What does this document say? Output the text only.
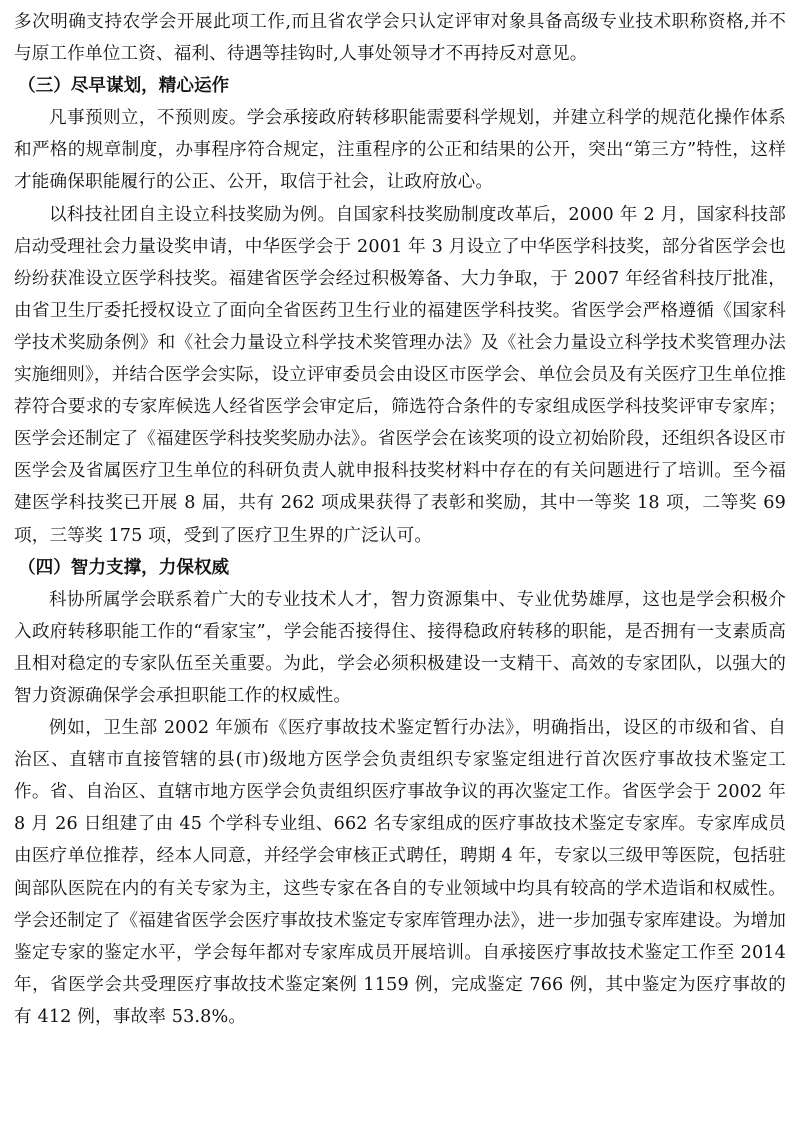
多次明确支持农学会开展此项工作,而且省农学会只认定评审对象具备高级专业技术职称资格,并不与原工作单位工资、福利、待遇等挂钩时,人事处领导才不再持反对意见。

（三）尽早谋划，精心运作

凡事预则立，不预则废。学会承接政府转移职能需要科学规划，并建立科学的规范化操作体系和严格的规章制度，办事程序符合规定，注重程序的公正和结果的公开，突出“第三方”特性，这样才能确保职能履行的公正、公开，取信于社会，让政府放心。

以科技社团自主设立科技奖励为例。自国家科技奖励制度改革后，2000 年 2 月，国家科技部启动受理社会力量设奖申请，中华医学会于 2001 年 3 月设立了中华医学科技奖，部分省医学会也纷纷获准设立医学科技奖。福建省医学会经过积极筹备、大力争取，于 2007 年经省科技厅批准，由省卫生厅委托授权设立了面向全省医药卫生行业的福建医学科技奖。省医学会严格遵循《国家科学技术奖励条例》和《社会力量设立科学技术奖管理办法》及《社会力量设立科学技术奖管理办法实施细则》，并结合医学会实际，设立评审委员会由设区市医学会、单位会员及有关医疗卫生单位推荐符合要求的专家库候选人经省医学会审定后，筛选符合条件的专家组成医学科技奖评审专家库；医学会还制定了《福建医学科技奖奖励办法》。省医学会在该奖项的设立初始阶段，还组织各设区市医学会及省属医疗卫生单位的科研负责人就申报科技奖材料中存在的有关问题进行了培训。至今福建医学科技奖已开展 8 届，共有 262 项成果获得了表彰和奖励，其中一等奖 18 项，二等奖 69 项，三等奖 175 项，受到了医疗卫生界的广泛认可。

（四）智力支撑，力保权威

科协所属学会联系着广大的专业技术人才，智力资源集中、专业优势雄厚，这也是学会积极介入政府转移职能工作的“看家宝”，学会能否接得住、接得稳政府转移的职能，是否拥有一支素质高且相对稳定的专家队伍至关重要。为此，学会必须积极建设一支精干、高效的专家团队，以强大的智力资源确保学会承担职能工作的权威性。

例如，卫生部 2002 年颁布《医疗事故技术鉴定暂行办法》，明确指出，设区的市级和省、自治区、直辖市直接管辖的县(市)级地方医学会负责组织专家鉴定组进行首次医疗事故技术鉴定工作。省、自治区、直辖市地方医学会负责组织医疗事故争议的再次鉴定工作。省医学会于 2002 年 8 月 26 日组建了由 45 个学科专业组、662 名专家组成的医疗事故技术鉴定专家库。专家库成员由医疗单位推荐，经本人同意，并经学会审核正式聘任，聘期 4 年，专家以三级甲等医院，包括驻闽部队医院在内的有关专家为主，这些专家在各自的专业领域中均具有较高的学术造诣和权威性。学会还制定了《福建省医学会医疗事故技术鉴定专家库管理办法》，进一步加强专家库建设。为增加鉴定专家的鉴定水平，学会每年都对专家库成员开展培训。自承接医疗事故技术鉴定工作至 2014 年，省医学会共受理医疗事故技术鉴定案例 1159 例，完成鉴定 766 例，其中鉴定为医疗事故的有 412 例，事故率 53.8%。
